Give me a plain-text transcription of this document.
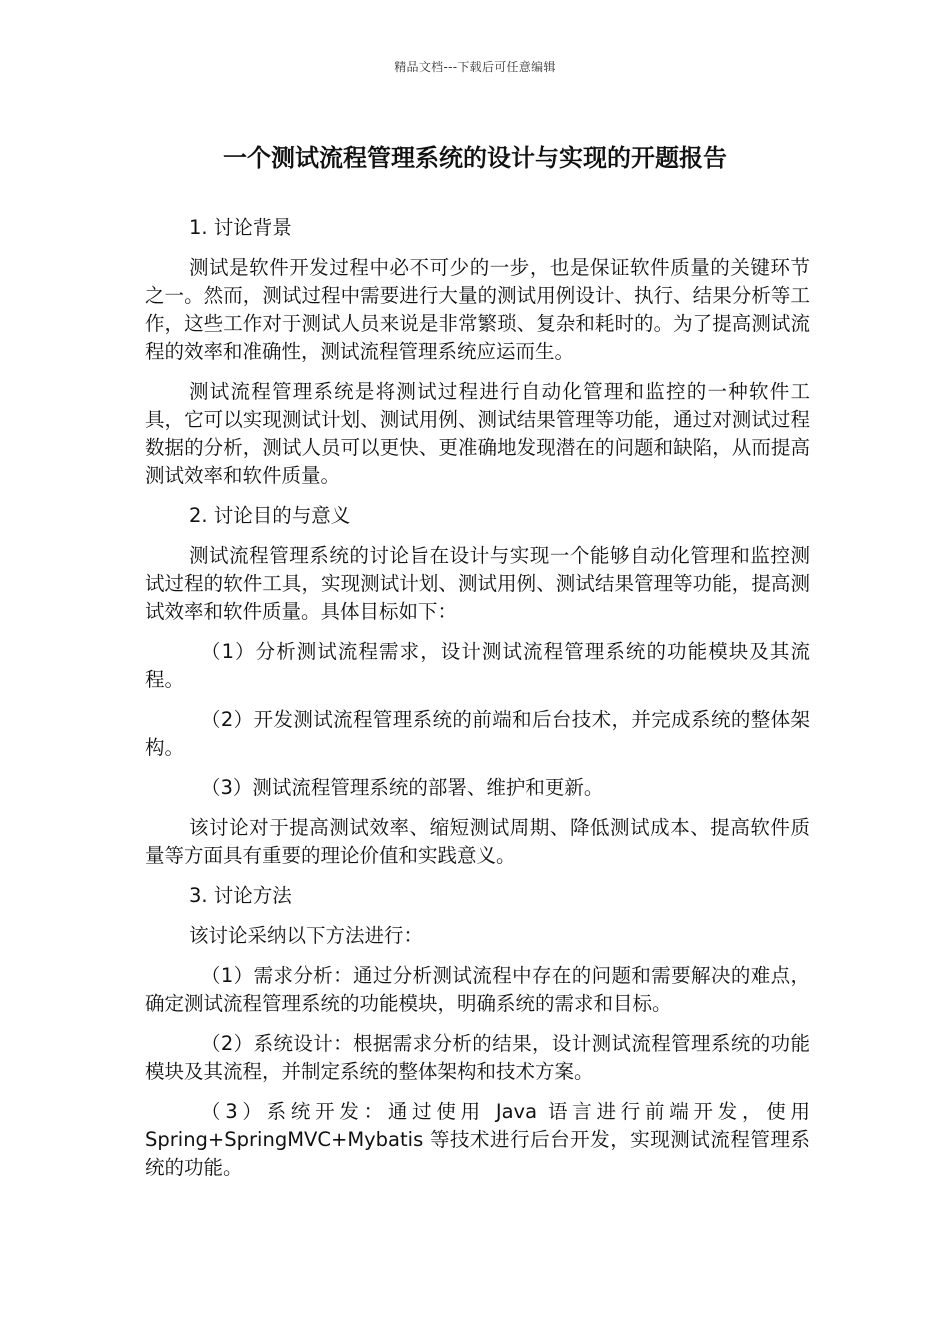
精品文档---下载后可任意编辑
一个测试流程管理系统的设计与实现的开题报告

1. 讨论背景

测试是软件开发过程中必不可少的一步，也是保证软件质量的关键环节之一。然而，测试过程中需要进行大量的测试用例设计、执行、结果分析等工作，这些工作对于测试人员来说是非常繁琐、复杂和耗时的。为了提高测试流程的效率和准确性，测试流程管理系统应运而生。

测试流程管理系统是将测试过程进行自动化管理和监控的一种软件工具，它可以实现测试计划、测试用例、测试结果管理等功能，通过对测试过程数据的分析，测试人员可以更快、更准确地发现潜在的问题和缺陷，从而提高测试效率和软件质量。

2. 讨论目的与意义

测试流程管理系统的讨论旨在设计与实现一个能够自动化管理和监控测试过程的软件工具，实现测试计划、测试用例、测试结果管理等功能，提高测试效率和软件质量。具体目标如下：

（1）分析测试流程需求，设计测试流程管理系统的功能模块及其流程。

（2）开发测试流程管理系统的前端和后台技术，并完成系统的整体架构。

（3）测试流程管理系统的部署、维护和更新。

该讨论对于提高测试效率、缩短测试周期、降低测试成本、提高软件质量等方面具有重要的理论价值和实践意义。

3. 讨论方法

该讨论采纳以下方法进行：

（1）需求分析：通过分析测试流程中存在的问题和需要解决的难点，确定测试流程管理系统的功能模块，明确系统的需求和目标。

（2）系统设计：根据需求分析的结果，设计测试流程管理系统的功能模块及其流程，并制定系统的整体架构和技术方案。

（3）系统开发：通过使用 Java 语言进行前端开发，使用 Spring+SpringMVC+Mybatis 等技术进行后台开发，实现测试流程管理系统的功能。
